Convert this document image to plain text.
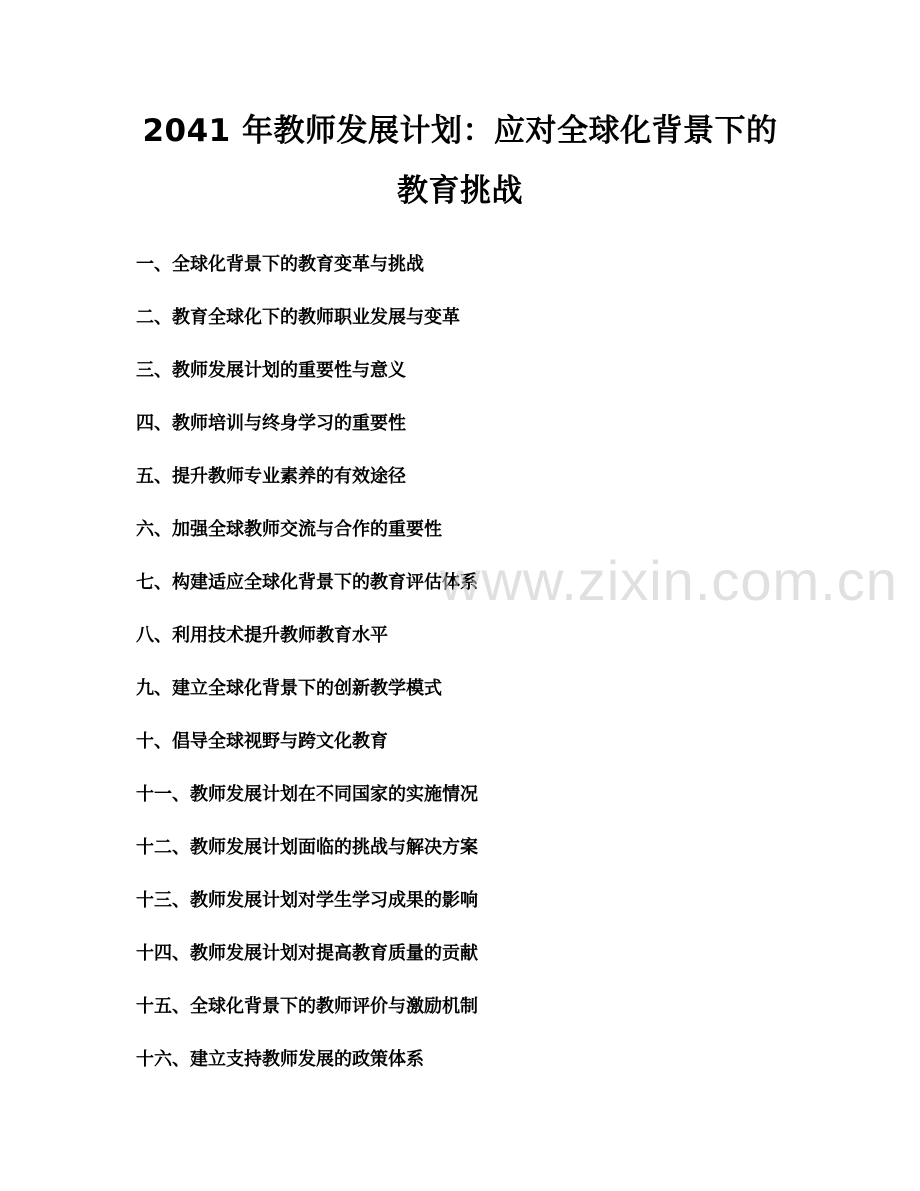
2041 年教师发展计划：应对全球化背景下的
教育挑战
一、全球化背景下的教育变革与挑战
二、教育全球化下的教师职业发展与变革
三、教师发展计划的重要性与意义
四、教师培训与终身学习的重要性
五、提升教师专业素养的有效途径
六、加强全球教师交流与合作的重要性
七、构建适应全球化背景下的教育评估体系
八、利用技术提升教师教育水平
九、建立全球化背景下的创新教学模式
十、倡导全球视野与跨文化教育
十一、教师发展计划在不同国家的实施情况
十二、教师发展计划面临的挑战与解决方案
十三、教师发展计划对学生学习成果的影响
十四、教师发展计划对提高教育质量的贡献
十五、全球化背景下的教师评价与激励机制
十六、建立支持教师发展的政策体系
www.zixin.com.cn
